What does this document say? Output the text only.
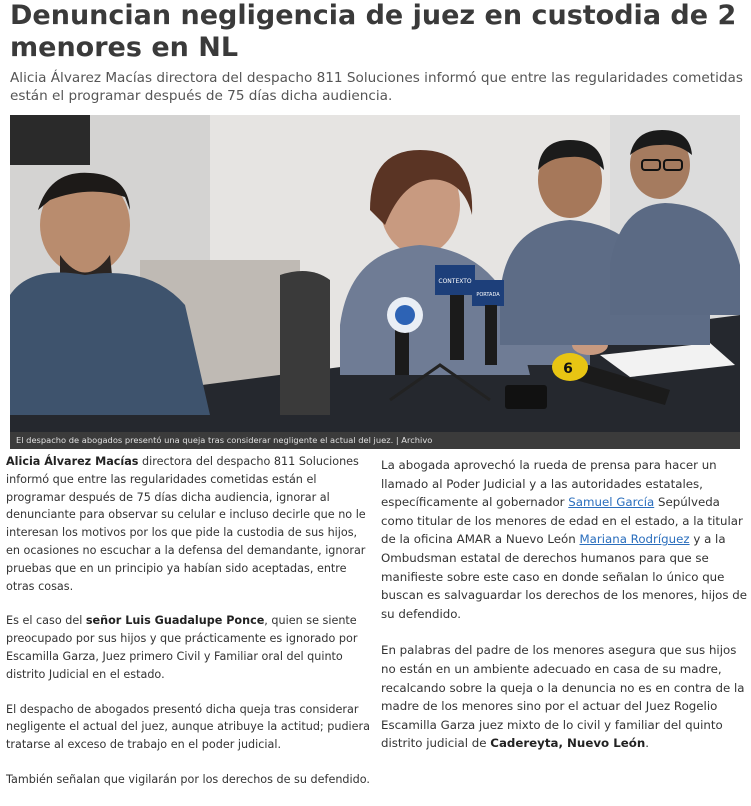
Denuncian negligencia de juez en custodia de 2 menores en NL

Alicia Álvarez Macías directora del despacho 811 Soluciones informó que entre las regularidades cometidas están el programar después de 75 días dicha audiencia.

CONTEXTO
PORTADA
6
El despacho de abogados presentó una queja tras considerar negligente el actual del juez. | Archivo

Alicia Álvarez Macías directora del despacho 811 Soluciones informó que entre las regularidades cometidas están el programar después de 75 días dicha audiencia, ignorar al denunciante para observar su celular e incluso decirle que no le interesan los motivos por los que pide la custodia de sus hijos, en ocasiones no escuchar a la defensa del demandante, ignorar pruebas que en un principio ya habían sido aceptadas, entre otras cosas.

Es el caso del señor Luis Guadalupe Ponce, quien se siente preocupado por sus hijos y que prácticamente es ignorado por Escamilla Garza, Juez primero Civil y Familiar oral del quinto distrito Judicial en el estado.

El despacho de abogados presentó dicha queja tras considerar negligente el actual del juez, aunque atribuye la actitud; pudiera tratarse al exceso de trabajo en el poder judicial.

También señalan que vigilarán por los derechos de su defendido.

La abogada aprovechó la rueda de prensa para hacer un llamado al Poder Judicial y a las autoridades estatales, específicamente al gobernador Samuel García Sepúlveda como titular de los menores de edad en el estado, a la titular de la oficina AMAR a Nuevo León Mariana Rodríguez y a la Ombudsman estatal de derechos humanos para que se manifieste sobre este caso en donde señalan lo único que buscan es salvaguardar los derechos de los menores, hijos de su defendido.

En palabras del padre de los menores asegura que sus hijos no están en un ambiente adecuado en casa de su madre, recalcando sobre la queja o la denuncia no es en contra de la madre de los menores sino por el actuar del Juez Rogelio Escamilla Garza juez mixto de lo civil y familiar del quinto distrito judicial de Cadereyta, Nuevo León.
